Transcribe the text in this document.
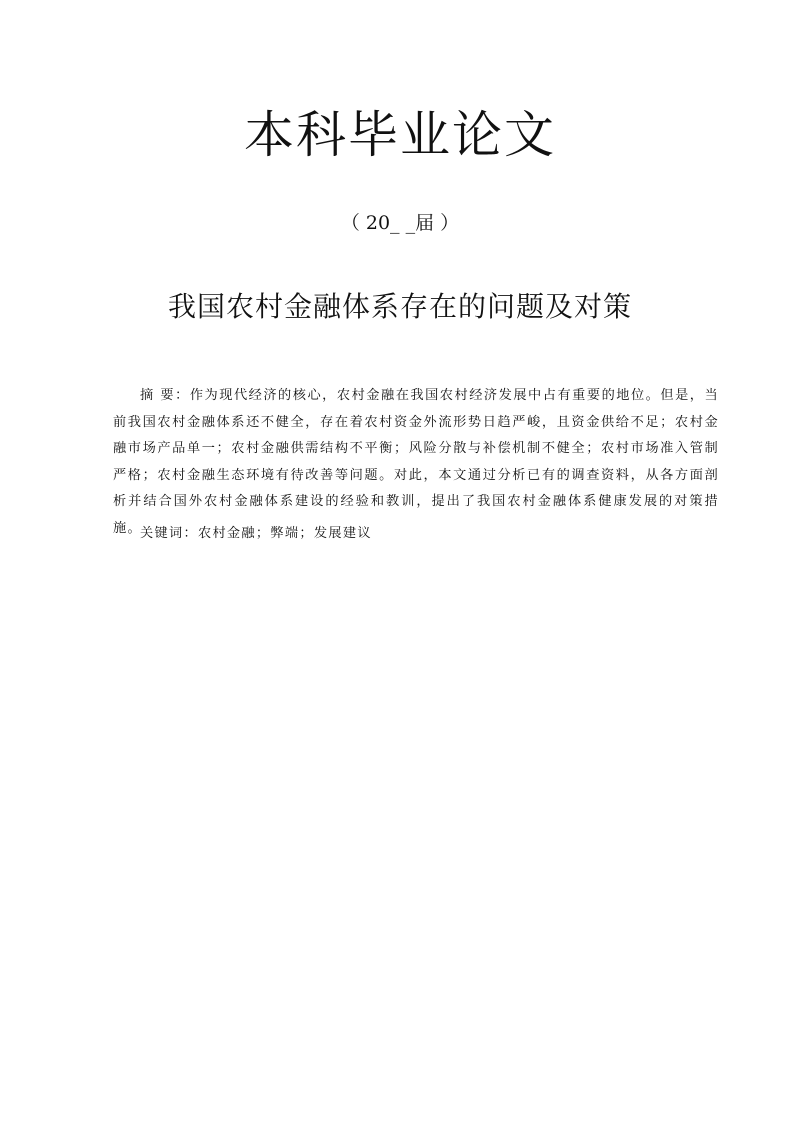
本科毕业论文
（ 20_ _届 ）
我国农村金融体系存在的问题及对策

摘 要：作为现代经济的核心，农村金融在我国农村经济发展中占有重要的地位。但是，当前我国农村金融体系还不健全，存在着农村资金外流形势日趋严峻，且资金供给不足；农村金融市场产品单一；农村金融供需结构不平衡；风险分散与补偿机制不健全；农村市场准入管制严格；农村金融生态环境有待改善等问题。对此，本文通过分析已有的调查资料，从各方面剖析并结合国外农村金融体系建设的经验和教训，提出了我国农村金融体系健康发展的对策措施。

关键词：农村金融；弊端；发展建议
